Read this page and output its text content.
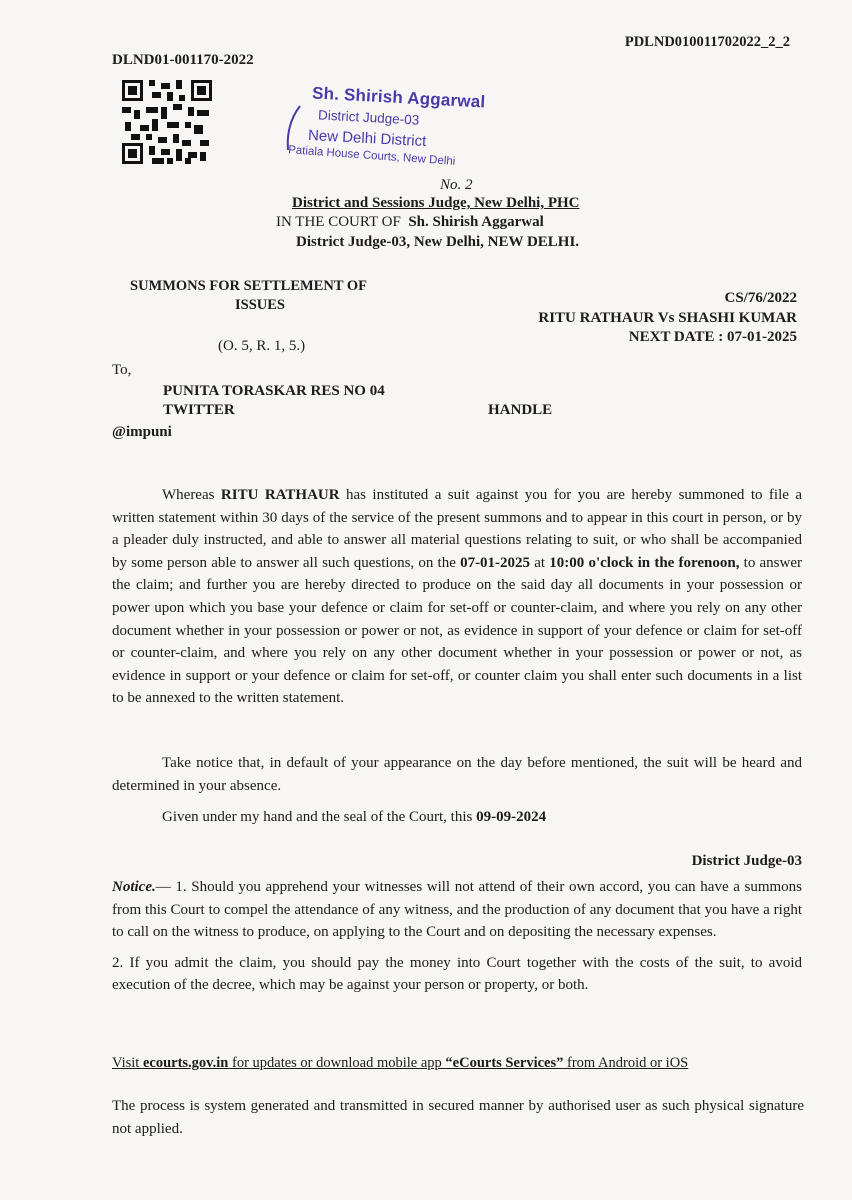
PDLND010011702022_2_2
DLND01-001170-2022
Sh. Shirish Aggarwal
District Judge-03
New Delhi District
Patiala House Courts, New Delhi
No. 2
District and Sessions Judge, New Delhi, PHC
IN THE COURT OF Sh. Shirish Aggarwal
District Judge-03, New Delhi, NEW DELHI.
SUMMONS FOR SETTLEMENT OF
ISSUES
(O. 5, R. 1, 5.)
CS/76/2022
RITU RATHAUR Vs SHASHI KUMAR
NEXT DATE : 07-01-2025
To,
PUNITA TORASKAR RES NO 04
TWITTER	HANDLE
@impuni

Whereas RITU RATHAUR has instituted a suit against you for you are hereby summoned to file a written statement within 30 days of the service of the present summons and to appear in this court in person, or by a pleader duly instructed, and able to answer all material questions relating to suit, or who shall be accompanied by some person able to answer all such questions, on the 07-01-2025 at 10:00 o'clock in the forenoon, to answer the claim; and further you are hereby directed to produce on the said day all documents in your possession or power upon which you base your defence or claim for set-off or counter-claim, and where you rely on any other document whether in your possession or power or not, as evidence in support of your defence or claim for set-off or counter-claim, and where you rely on any other document whether in your possession or power or not, as evidence in support or your defence or claim for set-off, or counter claim you shall enter such documents in a list to be annexed to the written statement.

Take notice that, in default of your appearance on the day before mentioned, the suit will be heard and determined in your absence.

Given under my hand and the seal of the Court, this 09-09-2024

District Judge-03

Notice.— 1. Should you apprehend your witnesses will not attend of their own accord, you can have a summons from this Court to compel the attendance of any witness, and the production of any document that you have a right to call on the witness to produce, on applying to the Court and on depositing the necessary expenses.

2. If you admit the claim, you should pay the money into Court together with the costs of the suit, to avoid execution of the decree, which may be against your person or property, or both.

Visit ecourts.gov.in for updates or download mobile app “eCourts Services” from Android or iOS

The process is system generated and transmitted in secured manner by authorised user as such physical signature not applied.
